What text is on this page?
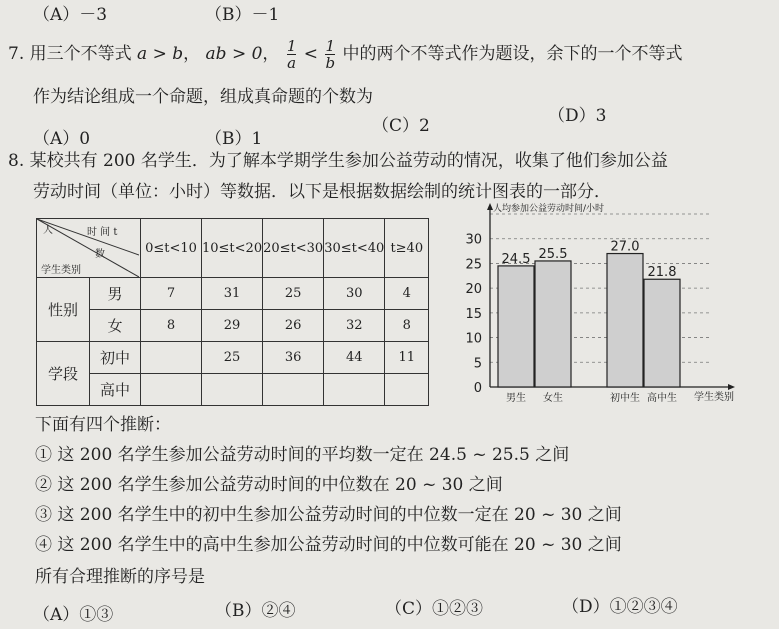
（A）－3	（B）－1
7. 用三个不等式 a > b， ab > 0， $\frac{1}{a} < \frac{1}{b}$ 中的两个不等式作为题设，余下的一个不等式
作为结论组成一个命题，组成真命题的个数为
（A）0	（B）1
（C）2	（D）3
8. 某校共有 200 名学生．为了解本学期学生参加公益劳动的情况，收集了他们参加公益
劳动时间（单位：小时）等数据．以下是根据数据绘制的统计图表的一部分．
人 时 间 t
数
学生类别		0≤t<10	10≤t<20	20≤t<30	30≤t<40	t≥40
性别	男	7	31	25	30	4
	女	8	29	26	32	8
学段	初中		25	36	44	11
	高中						0
5
10
15
20
25
30
人均参加公益劳动时间/小时
学生类别
24.5
男生
25.5
女生
27.0
初中生
21.8
高中生
下面有四个推断：
① 这 200 名学生参加公益劳动时间的平均数一定在 24.5 ~ 25.5 之间
② 这 200 名学生参加公益劳动时间的中位数在 20 ~ 30 之间
③ 这 200 名学生中的初中生参加公益劳动时间的中位数一定在 20 ~ 30 之间
④ 这 200 名学生中的高中生参加公益劳动时间的中位数可能在 20 ~ 30 之间
所有合理推断的序号是
（A）①③	（B）②④	（C）①②③	（D）①②③④
